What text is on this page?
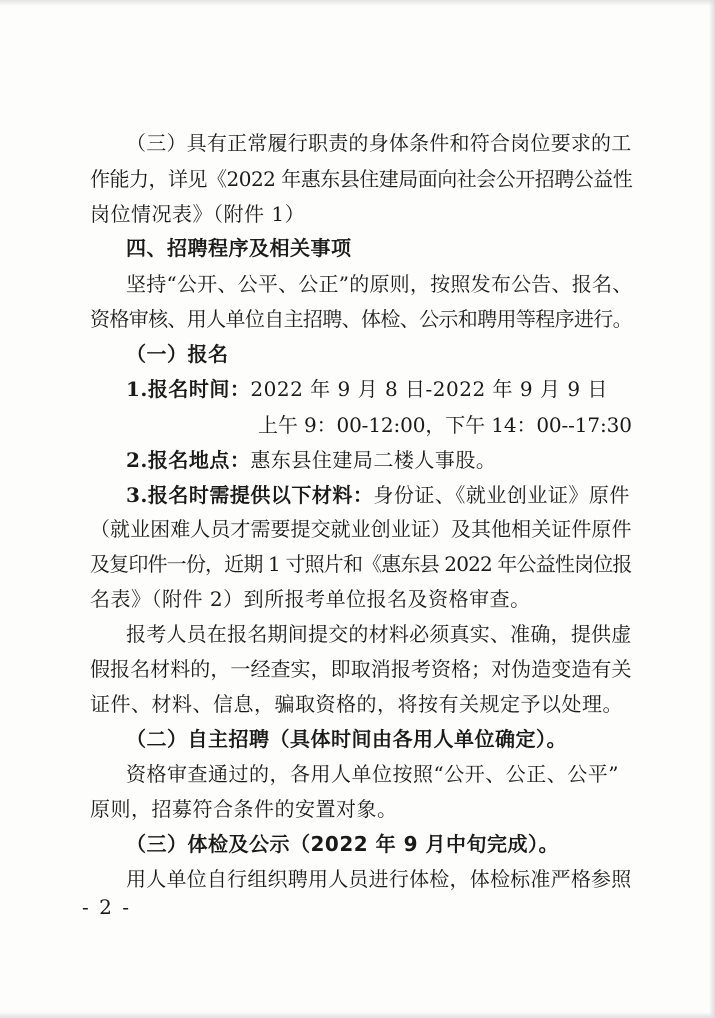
（三）具有正常履行职责的身体条件和符合岗位要求的工
作能力，详见《2022 年惠东县住建局面向社会公开招聘公益性
岗位情况表》（附件 1）
四、招聘程序及相关事项
坚持“公开、公平、公正”的原则，按照发布公告、报名、
资格审核、用人单位自主招聘、体检、公示和聘用等程序进行。
（一）报名
1.报名时间：2022 年 9 月 8 日-2022 年 9 月 9 日
上午 9：00-12:00，下午 14：00--17:30
2.报名地点：惠东县住建局二楼人事股。
3.报名时需提供以下材料：身份证、《就业创业证》原件
（就业困难人员才需要提交就业创业证）及其他相关证件原件
及复印件一份，近期 1 寸照片和《惠东县 2022 年公益性岗位报
名表》（附件 2）到所报考单位报名及资格审查。
报考人员在报名期间提交的材料必须真实、准确，提供虚
假报名材料的，一经查实，即取消报考资格；对伪造变造有关
证件、材料、信息，骗取资格的，将按有关规定予以处理。
（二）自主招聘（具体时间由各用人单位确定）。
资格审查通过的，各用人单位按照“公开、公正、公平”
原则，招募符合条件的安置对象。
（三）体检及公示（2022 年 9 月中旬完成）。
用人单位自行组织聘用人员进行体检，体检标准严格参照
- 2 -
